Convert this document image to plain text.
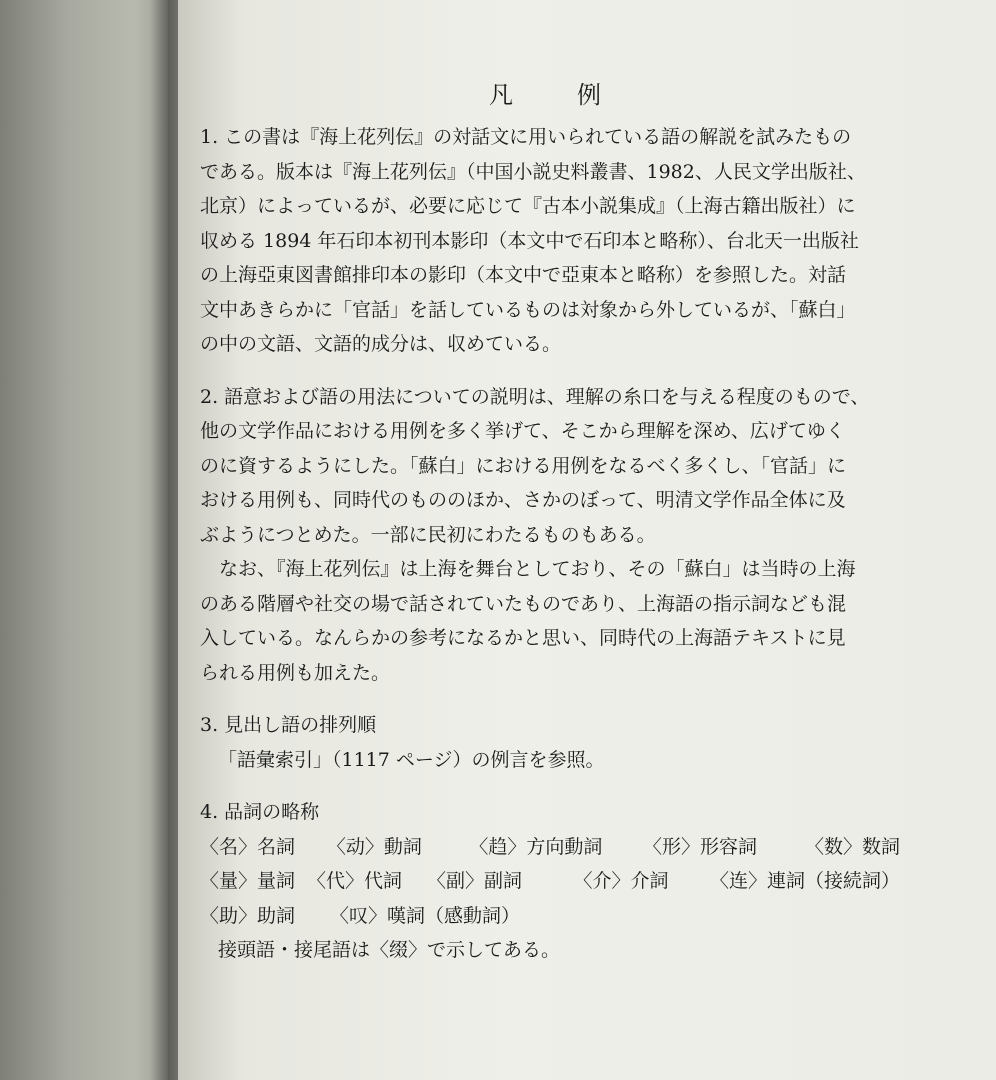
凡　例

1. この書は『海上花列伝』の対話文に用いられている語の解説を試みたもの

である。版本は『海上花列伝』（中国小説史料叢書、1982、人民文学出版社、

北京）によっているが、必要に応じて『古本小説集成』（上海古籍出版社）に

収める 1894 年石印本初刊本影印（本文中で石印本と略称）、台北天一出版社

の上海亞東図書館排印本の影印（本文中で亞東本と略称）を参照した。対話

文中あきらかに「官話」を話しているものは対象から外しているが、「蘇白」

の中の文語、文語的成分は、収めている。

2. 語意および語の用法についての説明は、理解の糸口を与える程度のもので、

他の文学作品における用例を多く挙げて、そこから理解を深め、広げてゆく

のに資するようにした。「蘇白」における用例をなるべく多くし、「官話」に

おける用例も、同時代のもののほか、さかのぼって、明清文学作品全体に及

ぶようにつとめた。一部に民初にわたるものもある。

なお、『海上花列伝』は上海を舞台としており、その「蘇白」は当時の上海

のある階層や社交の場で話されていたものであり、上海語の指示詞なども混

入している。なんらかの参考になるかと思い、同時代の上海語テキストに見

られる用例も加えた。

3. 見出し語の排列順

「語彙索引」（1117 ページ）の例言を参照。

4. 品詞の略称

〈名〉名詞	〈动〉動詞	〈趋〉方向動詞	〈形〉形容詞	〈数〉数詞
〈量〉量詞 〈代〉代詞	〈副〉副詞	〈介〉介詞	〈连〉連詞（接続詞）
〈助〉助詞	〈叹〉嘆詞（感動詞）

接頭語・接尾語は〈缀〉で示してある。
